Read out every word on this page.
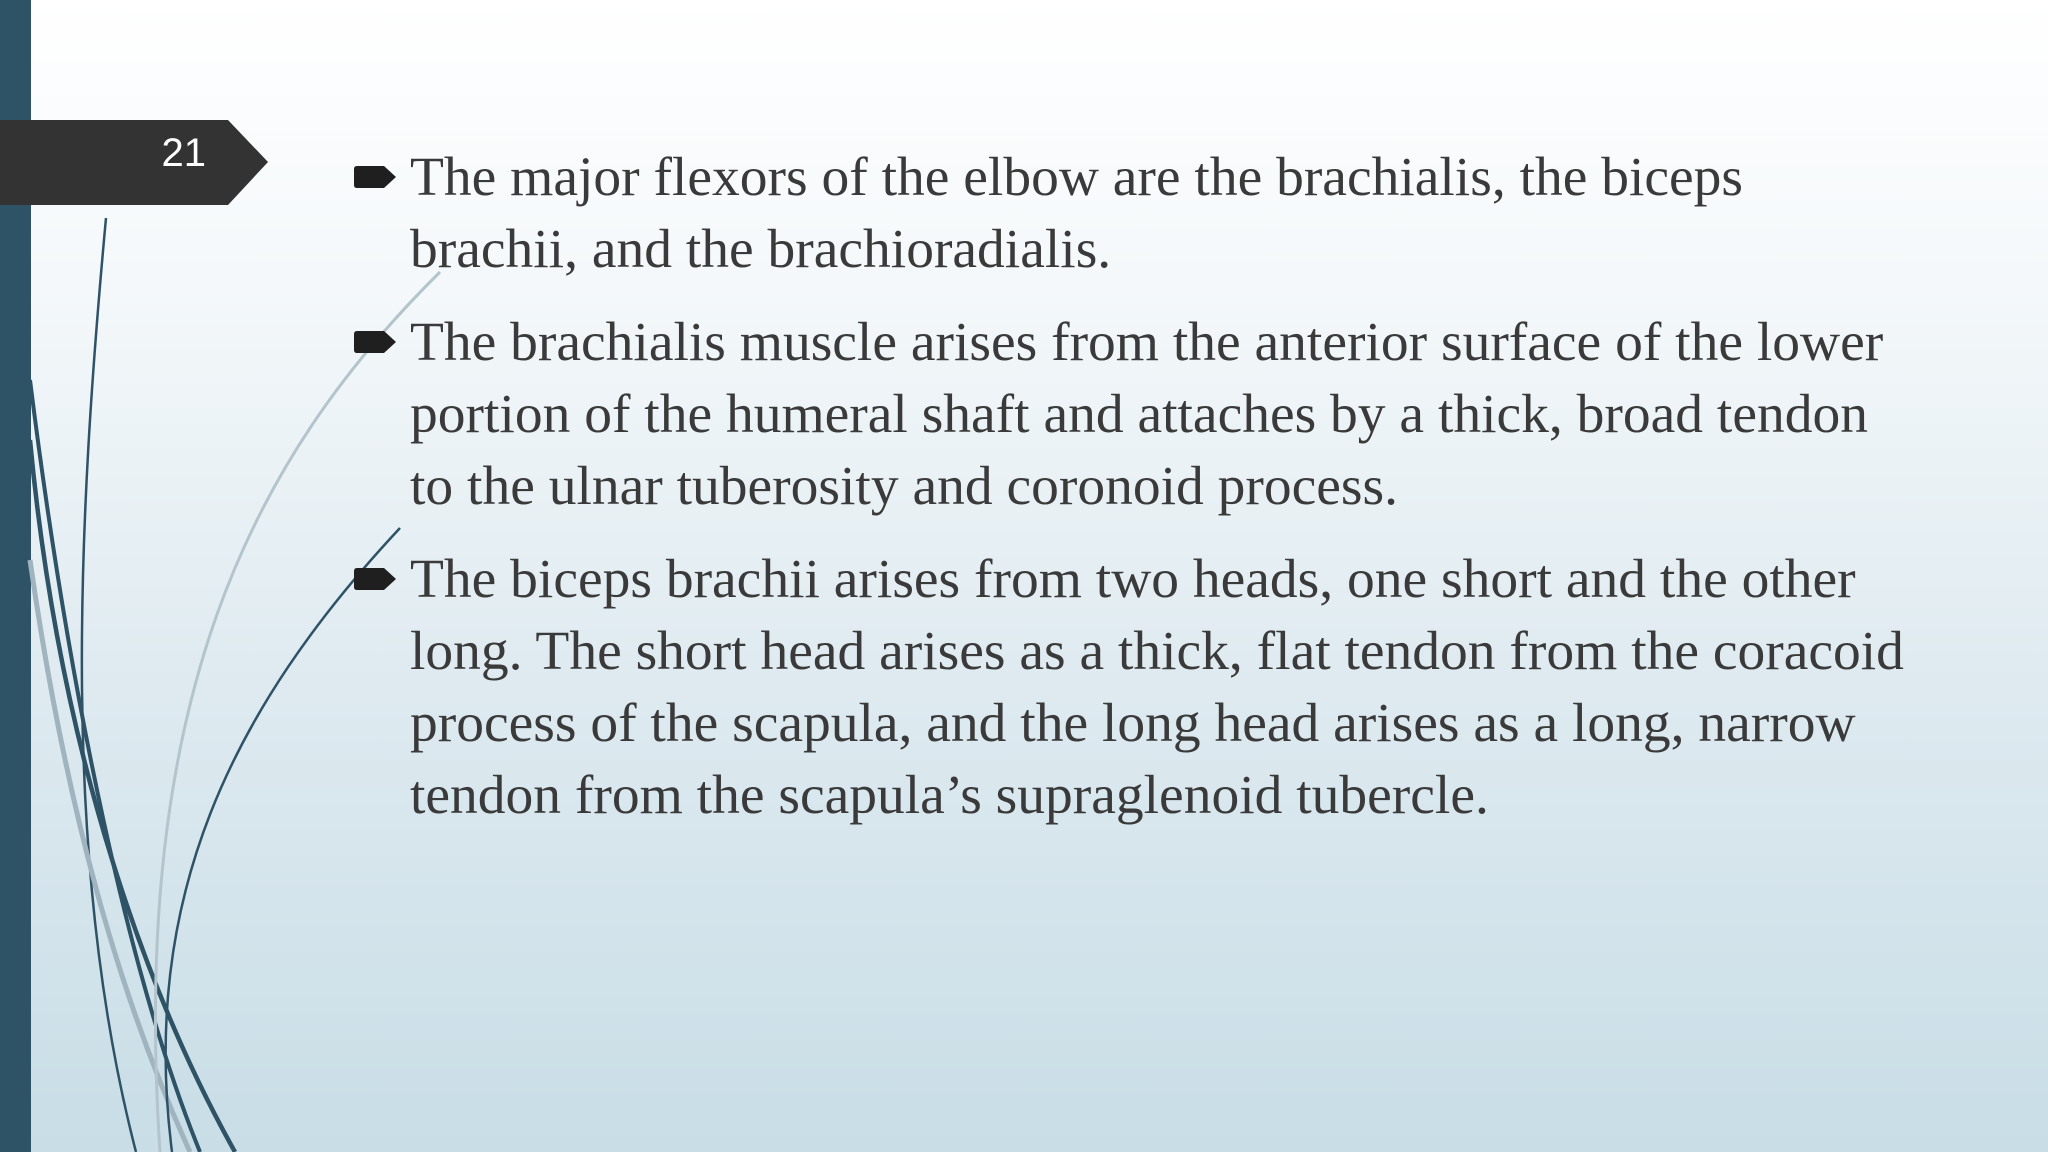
21	The major flexors of the elbow are the brachialis, the biceps brachii, and the brachioradialis.
The brachialis muscle arises from the anterior surface of the lower portion of the humeral shaft and attaches by a thick, broad tendon to the ulnar tuberosity and coronoid process.
The biceps brachii arises from two heads, one short and the other long. The short head arises as a thick, flat tendon from the coracoid process of the scapula, and the long head arises as a long, narrow tendon from the scapula’s supraglenoid tubercle.
